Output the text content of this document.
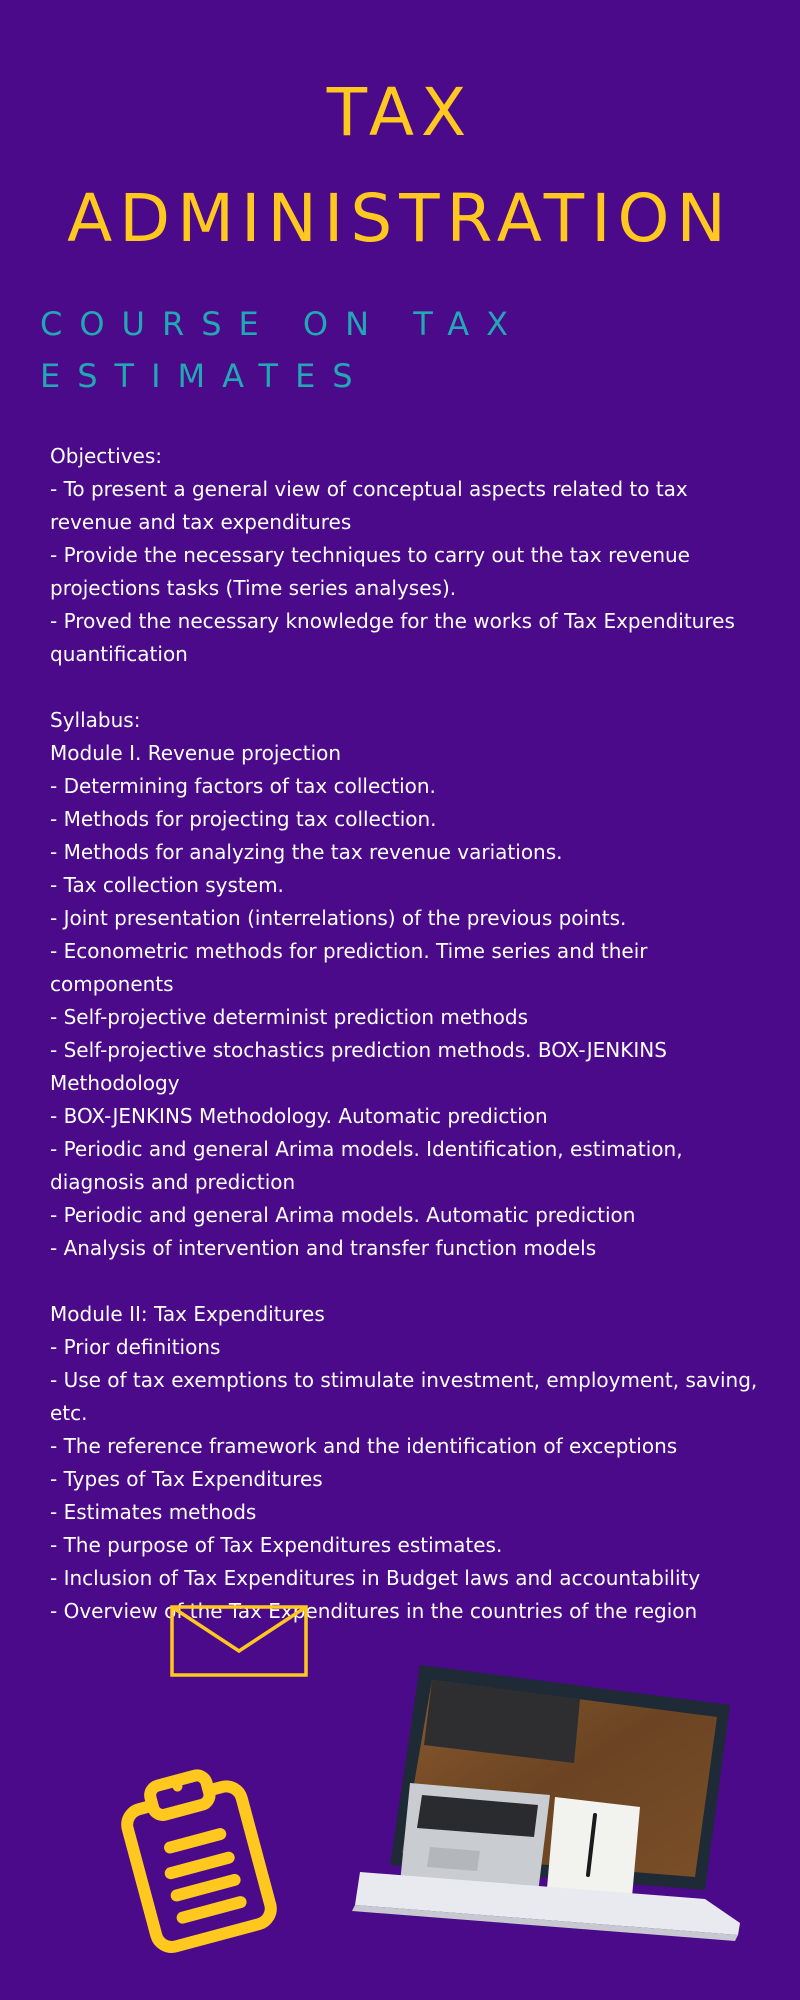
TAX
ADMINISTRATION
COURSE ON TAX
ESTIMATES

Objectives:

- To present a general view of conceptual aspects related to tax revenue and tax expenditures

- Provide the necessary techniques to carry out the tax revenue projections tasks (Time series analyses).

- Proved the necessary knowledge for the works of Tax Expenditures quantification

Syllabus:

Module I. Revenue projection

- Determining factors of tax collection.

- Methods for projecting tax collection.

- Methods for analyzing the tax revenue variations.

- Tax collection system.

- Joint presentation (interrelations) of the previous points.

- Econometric methods for prediction. Time series and their components

- Self-projective determinist prediction methods

- Self-projective stochastics prediction methods. BOX-JENKINS Methodology

- BOX-JENKINS Methodology. Automatic prediction

- Periodic and general Arima models. Identification, estimation, diagnosis and prediction

- Periodic and general Arima models. Automatic prediction

- Analysis of intervention and transfer function models

Module II: Tax Expenditures

- Prior definitions

- Use of tax exemptions to stimulate investment, employment, saving, etc.

- The reference framework and the identification of exceptions

- Types of Tax Expenditures

- Estimates methods

- The purpose of Tax Expenditures estimates.

- Inclusion of Tax Expenditures in Budget laws and accountability

- Overview of the Tax Expenditures in the countries of the region
